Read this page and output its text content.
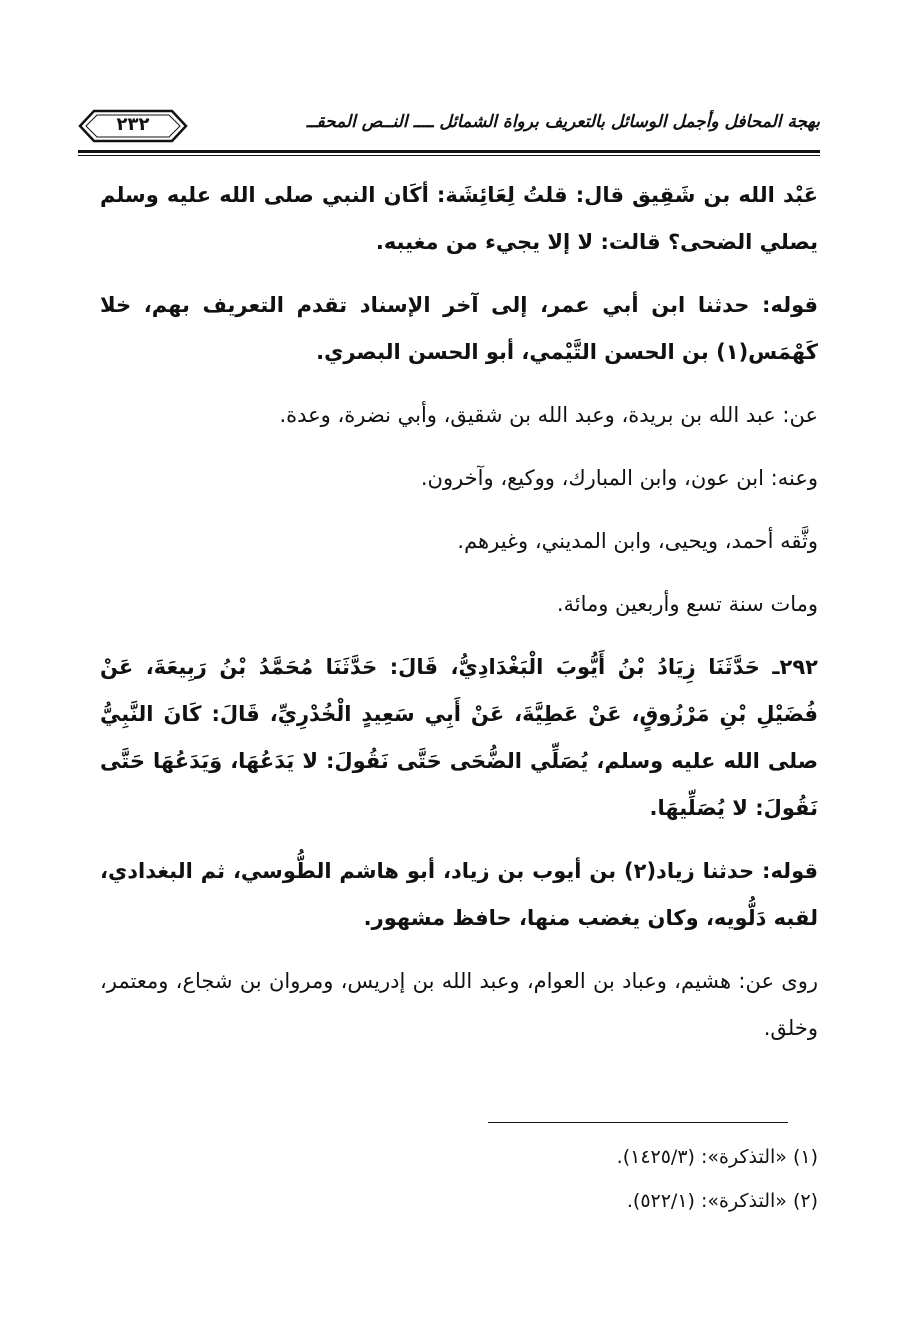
٢٣٢	بهجة المحافل وأجمل الوسائل بالتعريف برواة الشمائل ــــ النــص المحقــ

عَبْد الله بن شَقِيق قال: قلتُ لِعَائِشَة: أكَان النبي صلى الله عليه وسلم يصلي الضحى؟ قالت: لا إلا يجيء من مغيبه.

قوله: حدثنا ابن أبي عمر، إلى آخر الإسناد تقدم التعريف بهم، خلا كَهْمَس(١) بن الحسن التَّيْمي، أبو الحسن البصري.

عن: عبد الله بن بريدة، وعبد الله بن شقيق، وأبي نضرة، وعدة.

وعنه: ابن عون، وابن المبارك، ووكيع، وآخرون.

وثَّقه أحمد، ويحيى، وابن المديني، وغيرهم.

ومات سنة تسع وأربعين ومائة.

٢٩٢ـ حَدَّثَنَا زِيَادُ بْنُ أَيُّوبَ الْبَغْدَادِيُّ، قَالَ: حَدَّثَنَا مُحَمَّدُ بْنُ رَبِيعَةَ، عَنْ فُضَيْلِ بْنِ مَرْزُوقٍ، عَنْ عَطِيَّةَ، عَنْ أَبِي سَعِيدٍ الْخُدْرِيِّ، قَالَ: كَانَ النَّبِيُّ صلى الله عليه وسلم، يُصَلِّي الضُّحَى حَتَّى نَقُولَ: لا يَدَعُهَا، وَيَدَعُهَا حَتَّى نَقُولَ: لا يُصَلِّيهَا.

قوله: حدثنا زياد(٢) بن أيوب بن زياد، أبو هاشم الطُّوسي، ثم البغدادي، لقبه دَلُّويه، وكان يغضب منها، حافظ مشهور.

روى عن: هشيم، وعباد بن العوام، وعبد الله بن إدريس، ومروان بن شجاع، ومعتمر، وخلق.

(١) «التذكرة»: (١٤٢٥/٣).

(٢) «التذكرة»: (٥٢٢/١).
